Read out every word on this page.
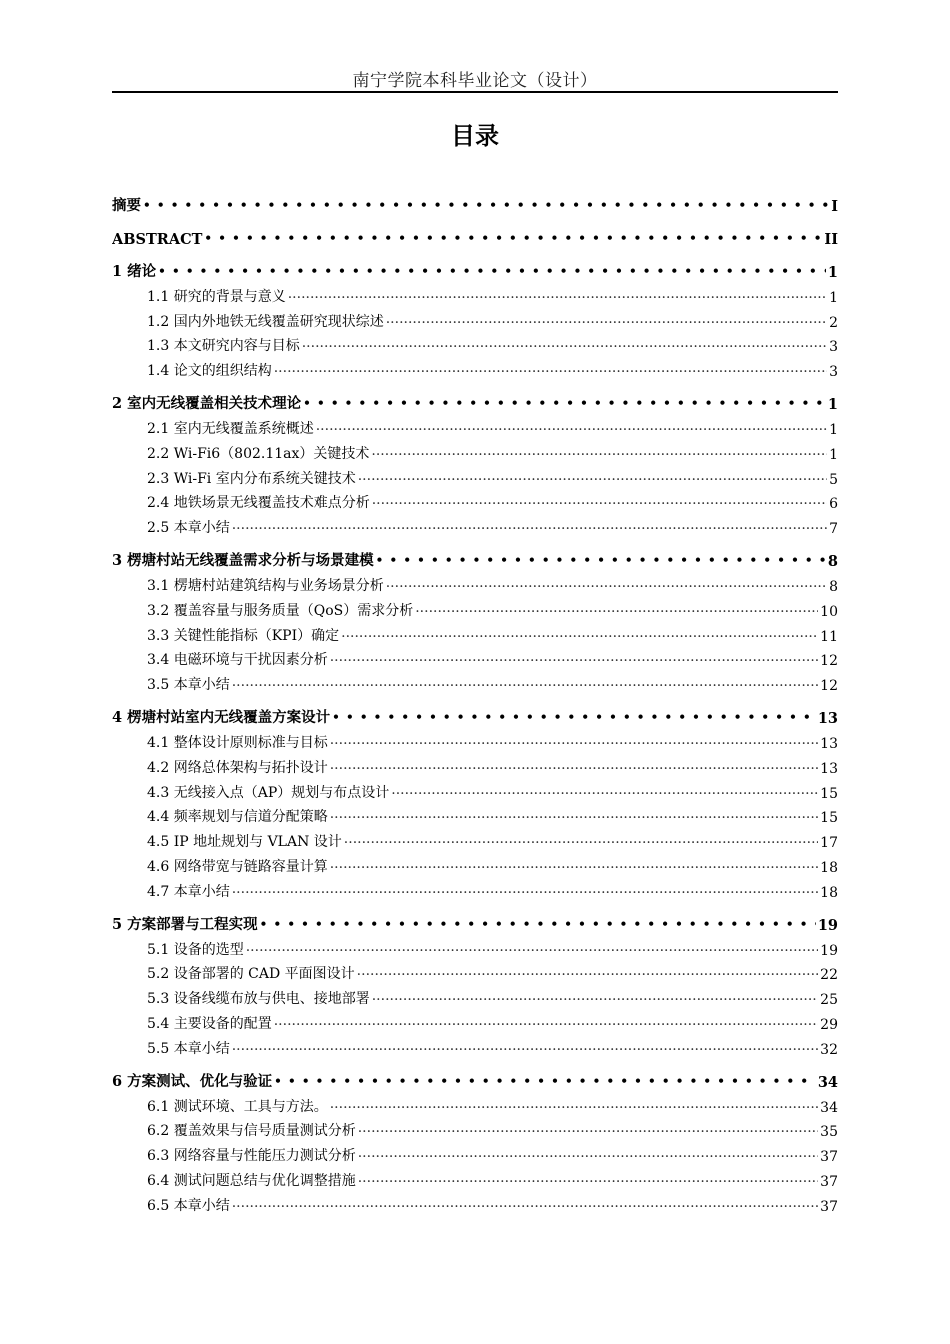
南宁学院本科毕业论文（设计）
目录
摘要 • • •	I
ABSTRACT • • •	II
1 绪论 • • •	1
1.1 研究的背景与意义 ·····	1
1.2 国内外地铁无线覆盖研究现状综述 ·····	2
1.3 本文研究内容与目标 ·····	3
1.4 论文的组织结构 ·····	3
2 室内无线覆盖相关技术理论 • • •	1
2.1 室内无线覆盖系统概述 ·····	1
2.2 Wi-Fi6（802.11ax）关键技术 ·····	1
2.3 Wi-Fi 室内分布系统关键技术 ·····	5
2.4 地铁场景无线覆盖技术难点分析 ·····	6
2.5 本章小结 ·····	7
3 楞塘村站无线覆盖需求分析与场景建模 • • •	8
3.1 楞塘村站建筑结构与业务场景分析 ·····	8
3.2 覆盖容量与服务质量（QoS）需求分析 ·····	10
3.3 关键性能指标（KPI）确定 ·····	11
3.4 电磁环境与干扰因素分析 ·····	12
3.5 本章小结 ·····	12
4 楞塘村站室内无线覆盖方案设计 • • •	13
4.1 整体设计原则标准与目标 ·····	13
4.2 网络总体架构与拓扑设计 ·····	13
4.3 无线接入点（AP）规划与布点设计 ·····	15
4.4 频率规划与信道分配策略 ·····	15
4.5 IP 地址规划与 VLAN 设计 ·····	17
4.6 网络带宽与链路容量计算 ·····	18
4.7 本章小结 ·····	18
5 方案部署与工程实现 • • •	19
5.1 设备的选型 ·····	19
5.2 设备部署的 CAD 平面图设计 ·····	22
5.3 设备线缆布放与供电、接地部署 ·····	25
5.4 主要设备的配置 ·····	29
5.5 本章小结 ·····	32
6 方案测试、优化与验证 • • •	34
6.1 测试环境、工具与方法。 ·····	34
6.2 覆盖效果与信号质量测试分析 ·····	35
6.3 网络容量与性能压力测试分析 ·····	37
6.4 测试问题总结与优化调整措施 ·····	37
6.5 本章小结 ·····	37
